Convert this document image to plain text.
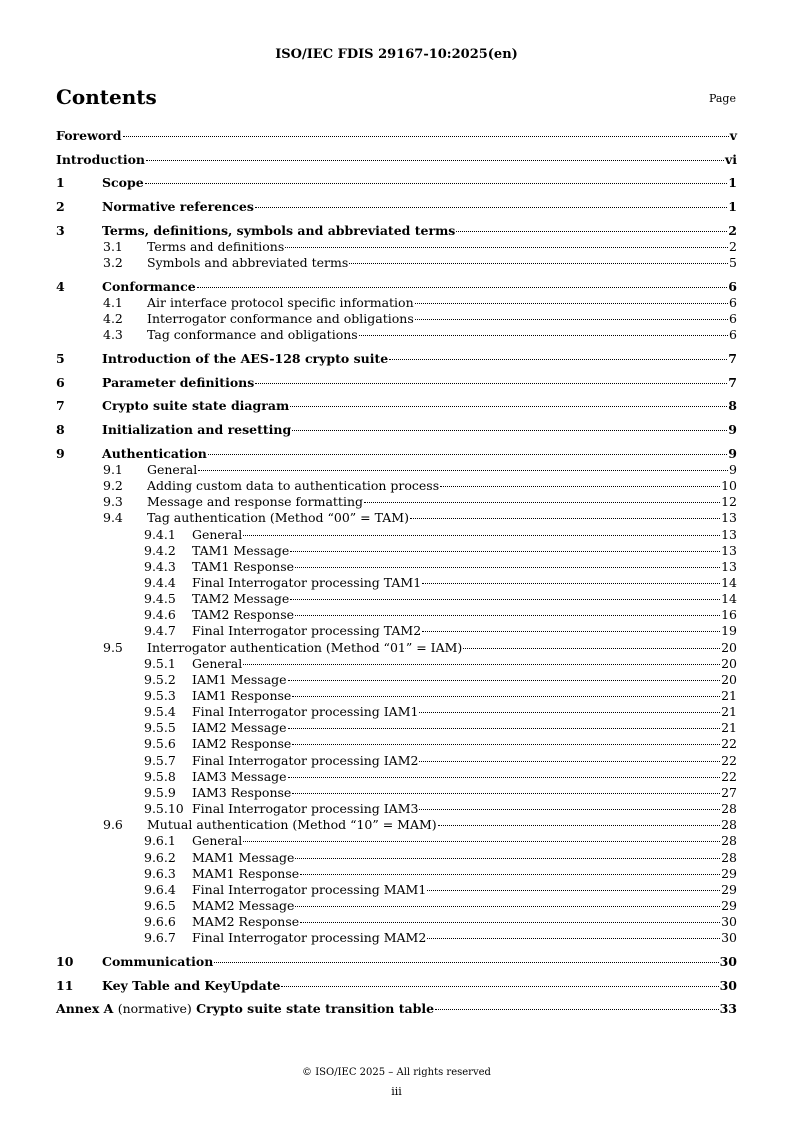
ISO/IEC FDIS 29167-10:2025(en)
Contents	Page
Foreword	v
Introduction	vi
1	Scope	1
2	Normative references	1
3	Terms, definitions, symbols and abbreviated terms	2
3.1	Terms and definitions	2
3.2	Symbols and abbreviated terms	5
4	Conformance	6
4.1	Air interface protocol specific information	6
4.2	Interrogator conformance and obligations	6
4.3	Tag conformance and obligations	6
5	Introduction of the AES-128 crypto suite	7
6	Parameter definitions	7
7	Crypto suite state diagram	8
8	Initialization and resetting	9
9	Authentication	9
9.1	General	9
9.2	Adding custom data to authentication process	10
9.3	Message and response formatting	12
9.4	Tag authentication (Method “00” = TAM)	13
9.4.1	General	13
9.4.2	TAM1 Message	13
9.4.3	TAM1 Response	13
9.4.4	Final Interrogator processing TAM1	14
9.4.5	TAM2 Message	14
9.4.6	TAM2 Response	16
9.4.7	Final Interrogator processing TAM2	19
9.5	Interrogator authentication (Method “01” = IAM)	20
9.5.1	General	20
9.5.2	IAM1 Message	20
9.5.3	IAM1 Response	21
9.5.4	Final Interrogator processing IAM1	21
9.5.5	IAM2 Message	21
9.5.6	IAM2 Response	22
9.5.7	Final Interrogator processing IAM2	22
9.5.8	IAM3 Message	22
9.5.9	IAM3 Response	27
9.5.10 Final Interrogator processing IAM3	28
9.6	Mutual authentication (Method “10” = MAM)	28
9.6.1	General	28
9.6.2	MAM1 Message	28
9.6.3	MAM1 Response	29
9.6.4	Final Interrogator processing MAM1	29
9.6.5	MAM2 Message	29
9.6.6	MAM2 Response	30
9.6.7	Final Interrogator processing MAM2	30
10	Communication	30
11	Key Table and KeyUpdate	30
Annex A (normative) Crypto suite state transition table	33
© ISO/IEC 2025 – All rights reserved
iii
